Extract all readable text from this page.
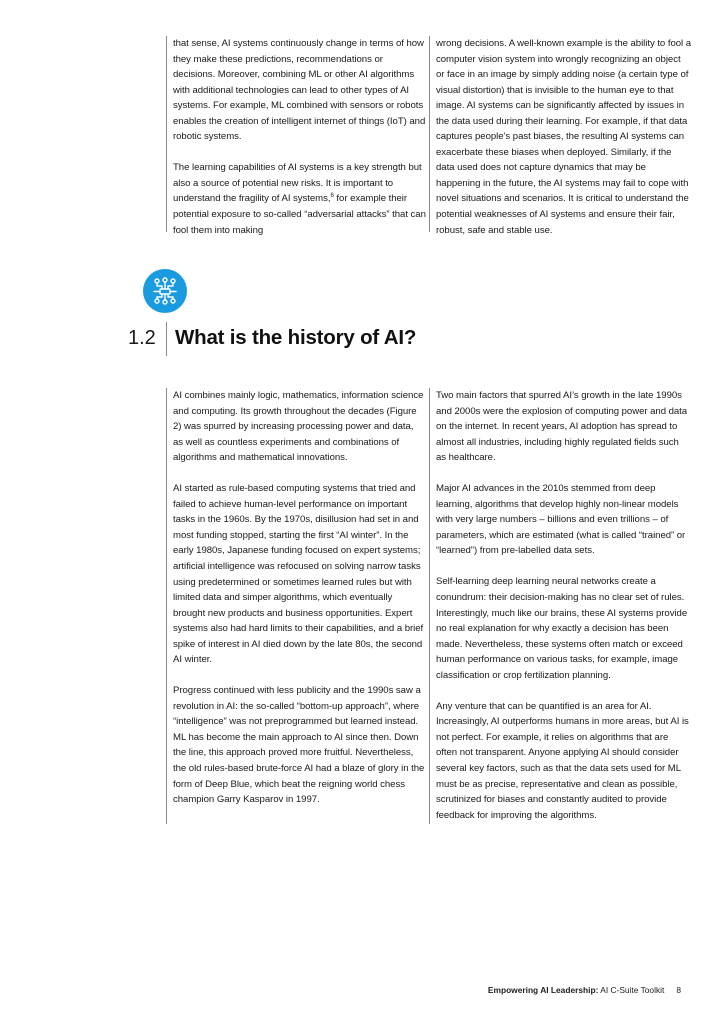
that sense, AI systems continuously change in terms of how they make these predictions, recommendations or decisions. Moreover, combining ML or other AI algorithms with additional technologies can lead to other types of AI systems. For example, ML combined with sensors or robots enables the creation of intelligent internet of things (IoT) and robotic systems.

The learning capabilities of AI systems is a key strength but also a source of potential new risks. It is important to understand the fragility of AI systems,$^6$ for example their potential exposure to so-called “adversarial attacks” that can fool them into making

wrong decisions. A well-known example is the ability to fool a computer vision system into wrongly recognizing an object or face in an image by simply adding noise (a certain type of visual distortion) that is invisible to the human eye to that image. AI systems can be significantly affected by issues in the data used during their learning. For example, if that data captures people’s past biases, the resulting AI systems can exacerbate these biases when deployed. Similarly, if the data used does not capture dynamics that may be happening in the future, the AI systems may fail to cope with novel situations and scenarios. It is critical to understand the potential weaknesses of AI systems and ensure their fair, robust, safe and stable use.

1.2 What is the history of AI?

AI combines mainly logic, mathematics, information science and computing. Its growth throughout the decades (Figure 2) was spurred by increasing processing power and data, as well as countless experiments and combinations of algorithms and mathematical innovations.

AI started as rule-based computing systems that tried and failed to achieve human-level performance on important tasks in the 1960s. By the 1970s, disillusion had set in and most funding stopped, starting the first “AI winter”. In the early 1980s, Japanese funding focused on expert systems; artificial intelligence was refocused on solving narrow tasks using predetermined or sometimes learned rules but with limited data and simper algorithms, which eventually brought new products and business opportunities. Expert systems also had hard limits to their capabilities, and a brief spike of interest in AI died down by the late 80s, the second AI winter.

Progress continued with less publicity and the 1990s saw a revolution in AI: the so-called “bottom-up approach”, where “intelligence” was not preprogrammed but learned instead. ML has become the main approach to AI since then. Down the line, this approach proved more fruitful. Nevertheless, the old rules-based brute-force AI had a blaze of glory in the form of Deep Blue, which beat the reigning world chess champion Garry Kasparov in 1997.

Two main factors that spurred AI’s growth in the late 1990s and 2000s were the explosion of computing power and data on the internet. In recent years, AI adoption has spread to almost all industries, including highly regulated fields such as healthcare.

Major AI advances in the 2010s stemmed from deep learning, algorithms that develop highly non-linear models with very large numbers – billions and even trillions – of parameters, which are estimated (what is called “trained” or “learned”) from pre-labelled data sets.

Self-learning deep learning neural networks create a conundrum: their decision-making has no clear set of rules. Interestingly, much like our brains, these AI systems provide no real explanation for why exactly a decision has been made. Nevertheless, these systems often match or exceed human performance on various tasks, for example, image classification or crop fertilization planning.

Any venture that can be quantified is an area for AI. Increasingly, AI outperforms humans in more areas, but AI is not perfect. For example, it relies on algorithms that are often not transparent. Anyone applying AI should consider several key factors, such as that the data sets used for ML must be as precise, representative and clean as possible, scrutinized for biases and constantly audited to provide feedback for improving the algorithms.

Empowering AI Leadership: AI C-Suite Toolkit 8
